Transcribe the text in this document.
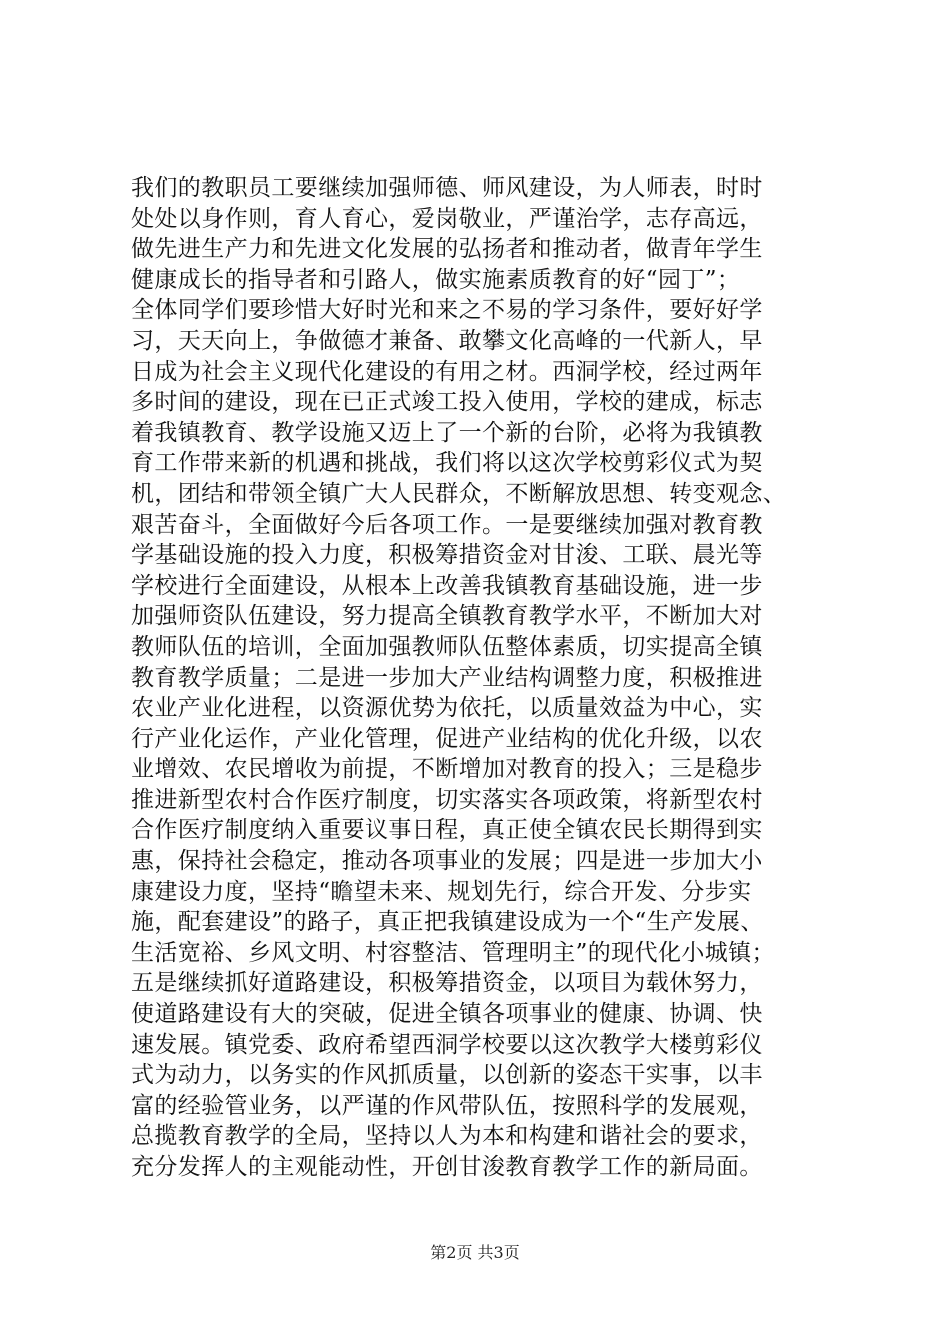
我们的教职员工要继续加强师德、师风建设，为人师表，时时
处处以身作则，育人育心，爱岗敬业，严谨治学，志存高远，
做先进生产力和先进文化发展的弘扬者和推动者，做青年学生
健康成长的指导者和引路人，做实施素质教育的好“园丁”；
全体同学们要珍惜大好时光和来之不易的学习条件，要好好学
习，天天向上，争做德才兼备、敢攀文化高峰的一代新人，早
日成为社会主义现代化建设的有用之材。西洞学校，经过两年
多时间的建设，现在已正式竣工投入使用，学校的建成，标志
着我镇教育、教学设施又迈上了一个新的台阶，必将为我镇教
育工作带来新的机遇和挑战，我们将以这次学校剪彩仪式为契
机，团结和带领全镇广大人民群众，不断解放思想、转变观念、
艰苦奋斗，全面做好今后各项工作。一是要继续加强对教育教
学基础设施的投入力度，积极筹措资金对甘浚、工联、晨光等
学校进行全面建设，从根本上改善我镇教育基础设施，进一步
加强师资队伍建设，努力提高全镇教育教学水平，不断加大对
教师队伍的培训，全面加强教师队伍整体素质，切实提高全镇
教育教学质量；二是进一步加大产业结构调整力度，积极推进
农业产业化进程，以资源优势为依托，以质量效益为中心，实
行产业化运作，产业化管理，促进产业结构的优化升级，以农
业增效、农民增收为前提，不断增加对教育的投入；三是稳步
推进新型农村合作医疗制度，切实落实各项政策，将新型农村
合作医疗制度纳入重要议事日程，真正使全镇农民长期得到实
惠，保持社会稳定，推动各项事业的发展；四是进一步加大小
康建设力度，坚持“瞻望未来、规划先行，综合开发、分步实
施，配套建设”的路子，真正把我镇建设成为一个“生产发展、
生活宽裕、乡风文明、村容整洁、管理明主”的现代化小城镇；
五是继续抓好道路建设，积极筹措资金，以项目为载休努力，
使道路建设有大的突破，促进全镇各项事业的健康、协调、快
速发展。镇党委、政府希望西洞学校要以这次教学大楼剪彩仪
式为动力，以务实的作风抓质量，以创新的姿态干实事，以丰
富的经验管业务，以严谨的作风带队伍，按照科学的发展观，
总揽教育教学的全局，坚持以人为本和构建和谐社会的要求，
充分发挥人的主观能动性，开创甘浚教育教学工作的新局面。
第2页 共3页
